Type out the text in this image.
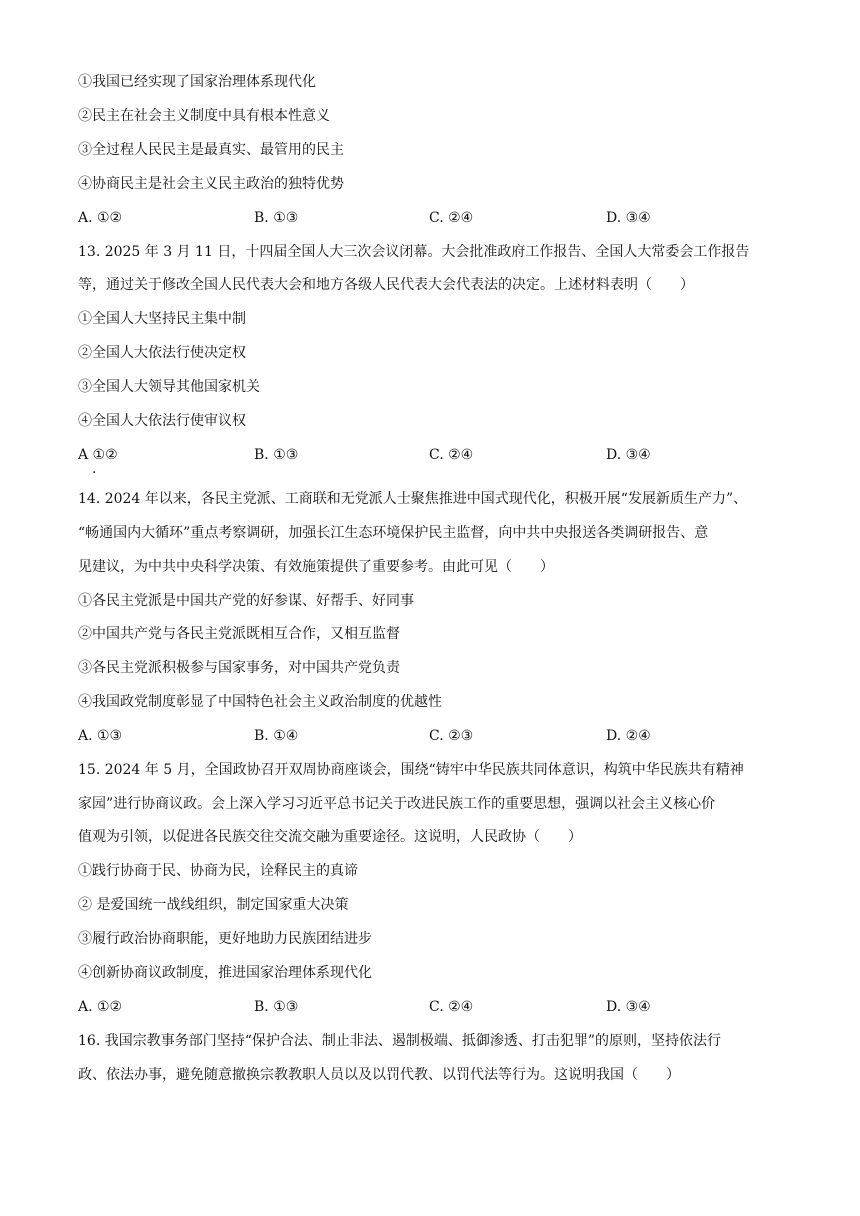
①我国已经实现了国家治理体系现代化
②民主在社会主义制度中具有根本性意义
③全过程人民民主是最真实、最管用的民主
④协商民主是社会主义民主政治的独特优势
A. ①②	B. ①③	C. ②④	D. ③④
13. 2025 年 3 月 11 日，十四届全国人大三次会议闭幕。大会批准政府工作报告、全国人大常委会工作报告
等，通过关于修改全国人民代表大会和地方各级人民代表大会代表法的决定。上述材料表明（　　）
①全国人大坚持民主集中制
②全国人大依法行使决定权
③全国人大领导其他国家机关
④全国人大依法行使审议权
A ①②
.
B. ①③	C. ②④	D. ③④
14. 2024 年以来，各民主党派、工商联和无党派人士聚焦推进中国式现代化，积极开展“发展新质生产力”、
“畅通国内大循环”重点考察调研，加强长江生态环境保护民主监督，向中共中央报送各类调研报告、意
见建议，为中共中央科学决策、有效施策提供了重要参考。由此可见（　　）
①各民主党派是中国共产党的好参谋、好帮手、好同事
②中国共产党与各民主党派既相互合作，又相互监督
③各民主党派积极参与国家事务，对中国共产党负责
④我国政党制度彰显了中国特色社会主义政治制度的优越性
A. ①③	B. ①④	C. ②③	D. ②④
15. 2024 年 5 月，全国政协召开双周协商座谈会，围绕“铸牢中华民族共同体意识，构筑中华民族共有精神
家园”进行协商议政。会上深入学习习近平总书记关于改进民族工作的重要思想，强调以社会主义核心价
值观为引领，以促进各民族交往交流交融为重要途径。这说明，人民政协（　　）
①践行协商于民、协商为民，诠释民主的真谛
② 是爱国统一战线组织，制定国家重大决策
③履行政治协商职能，更好地助力民族团结进步
④创新协商议政制度，推进国家治理体系现代化
A. ①②	B. ①③	C. ②④	D. ③④
16. 我国宗教事务部门坚持“保护合法、制止非法、遏制极端、抵御渗透、打击犯罪”的原则，坚持依法行
政、依法办事，避免随意撤换宗教教职人员以及以罚代教、以罚代法等行为。这说明我国（　　）
